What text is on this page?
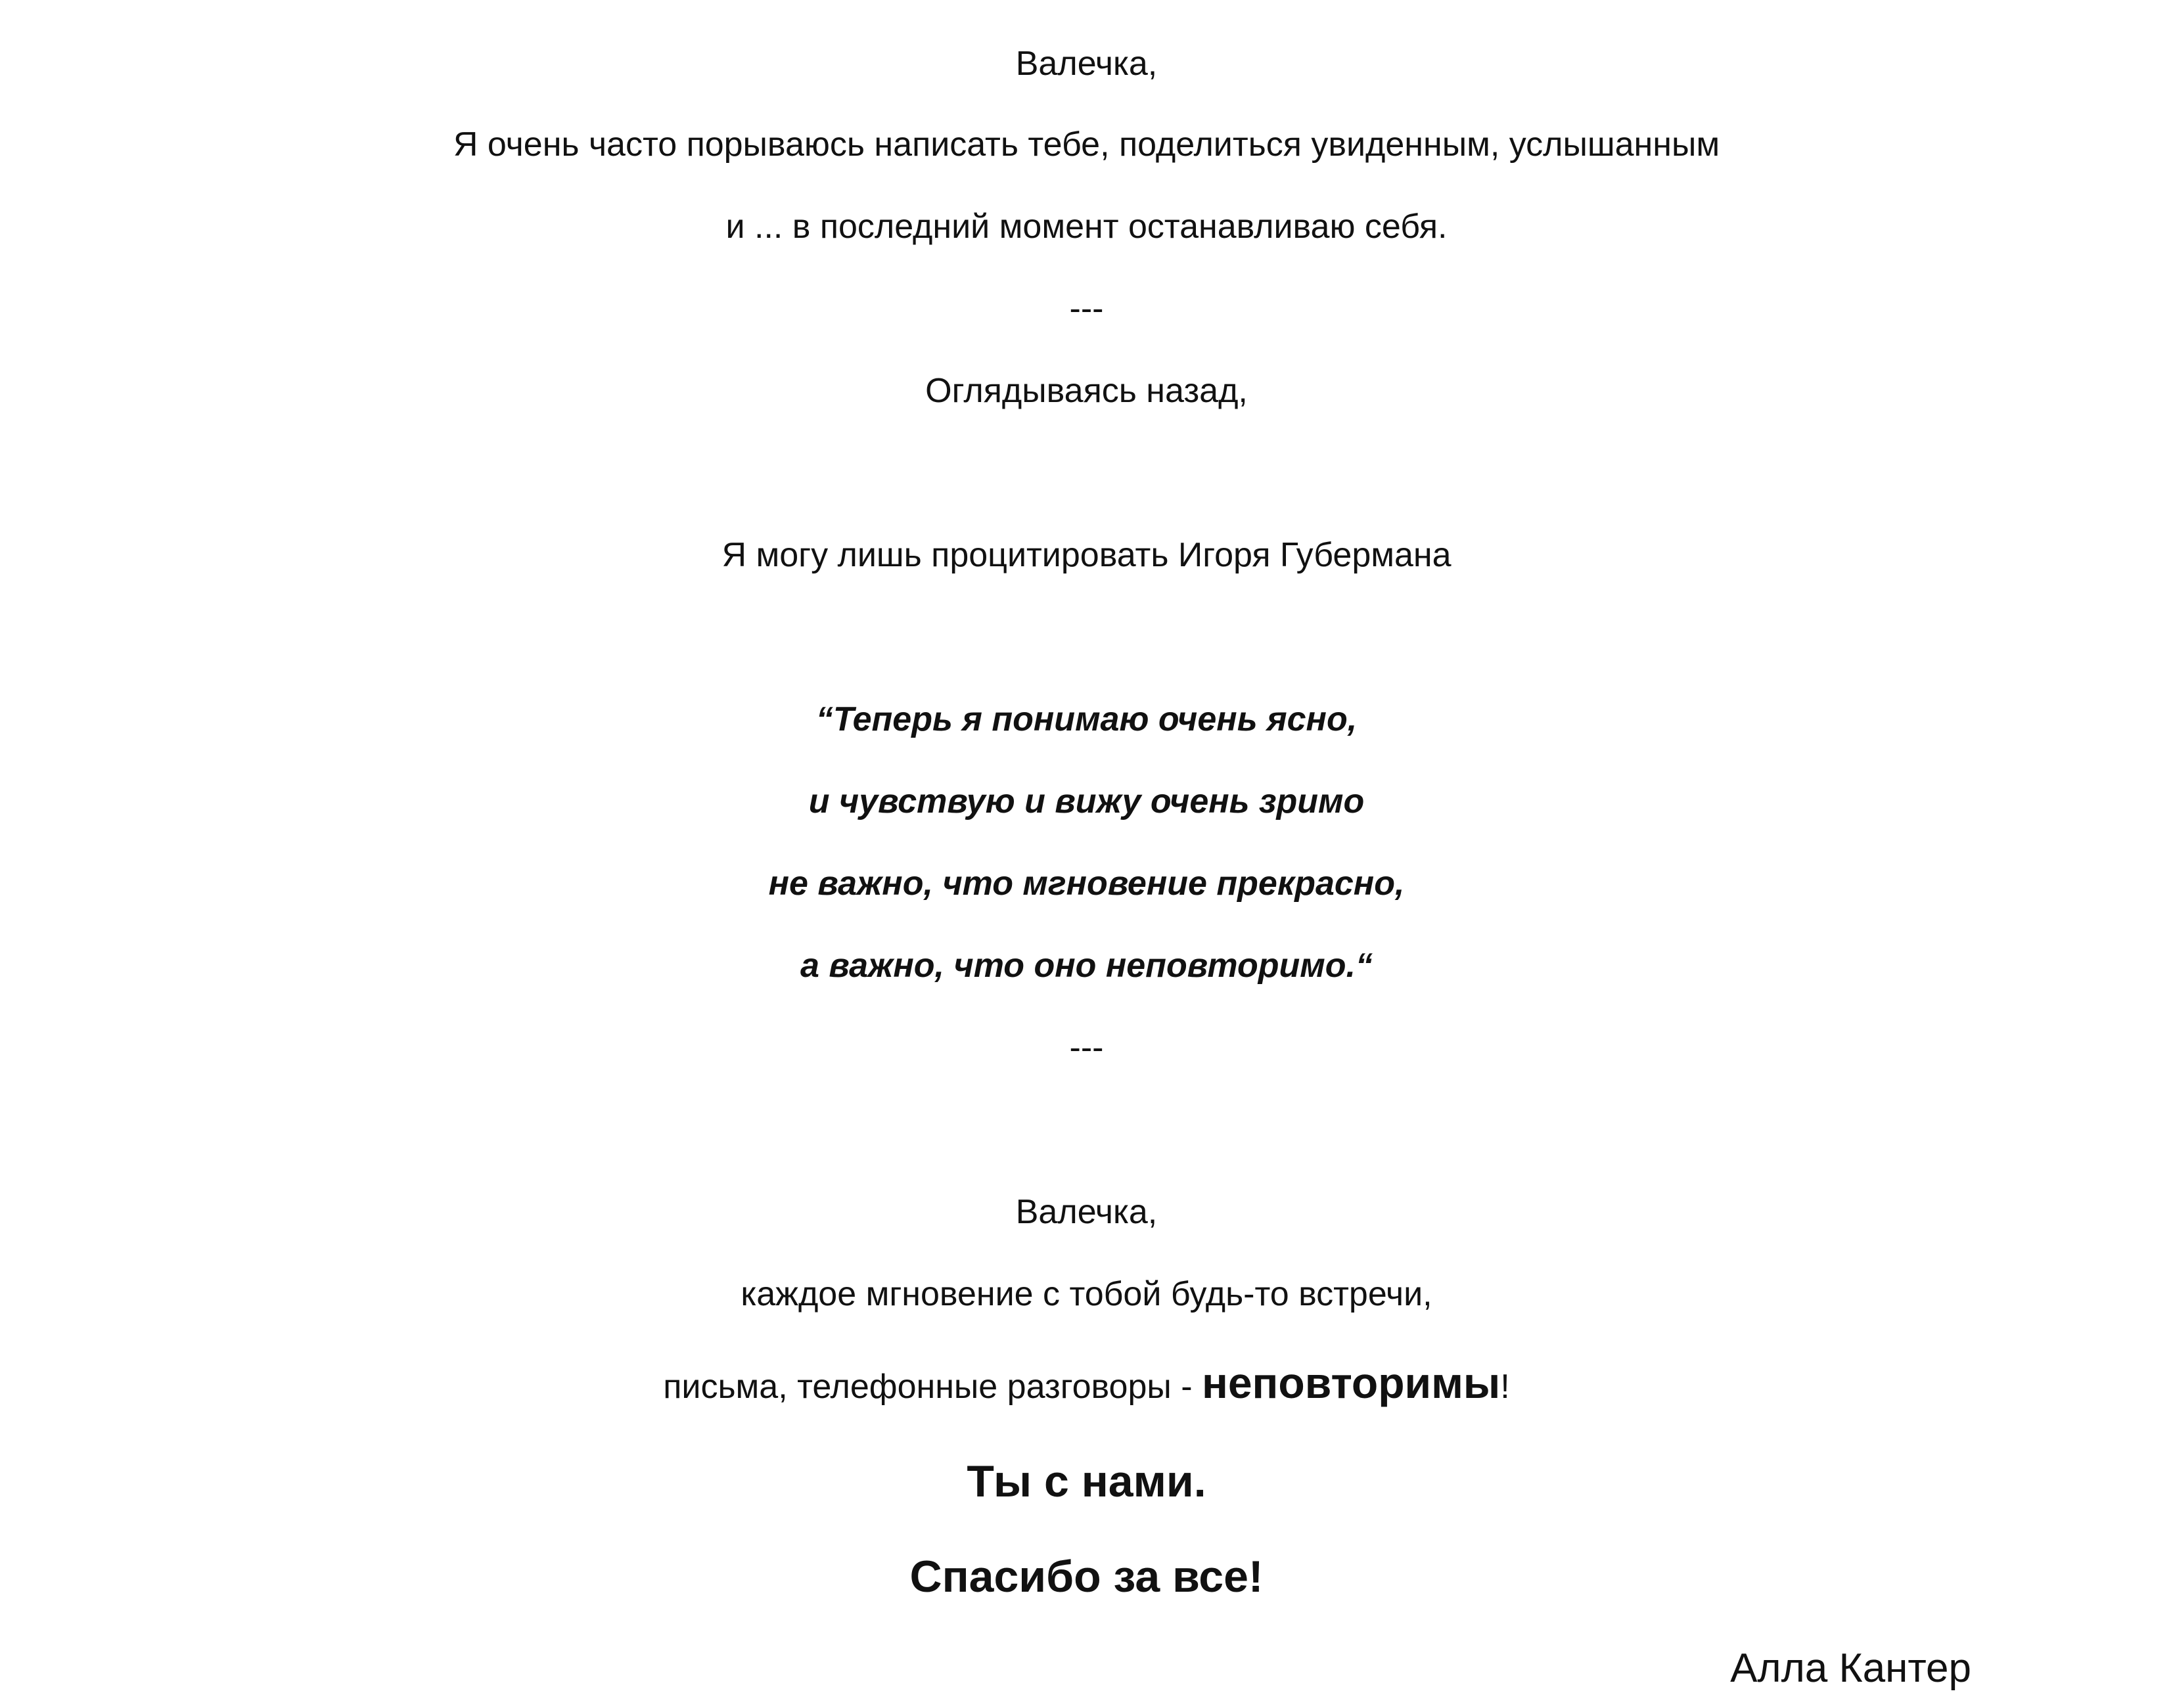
Валечка,
Я очень часто порываюсь написать тебе, поделиться увиденным, услышанным
и ... в последний момент останавливаю себя.
---
Оглядываясь назад,
Я могу лишь процитировать Игоря Губермана
“Теперь я понимаю очень ясно,
и чувствую и вижу очень зримо
не важно, что мгновение прекрасно,
а важно, что оно неповторимо.“
---
Валечка,
каждое мгновение с тобой будь-то встречи,
письма, телефонные разговоры - неповторимы!
Ты с нами.
Спасибо за все!
Алла Кантер
